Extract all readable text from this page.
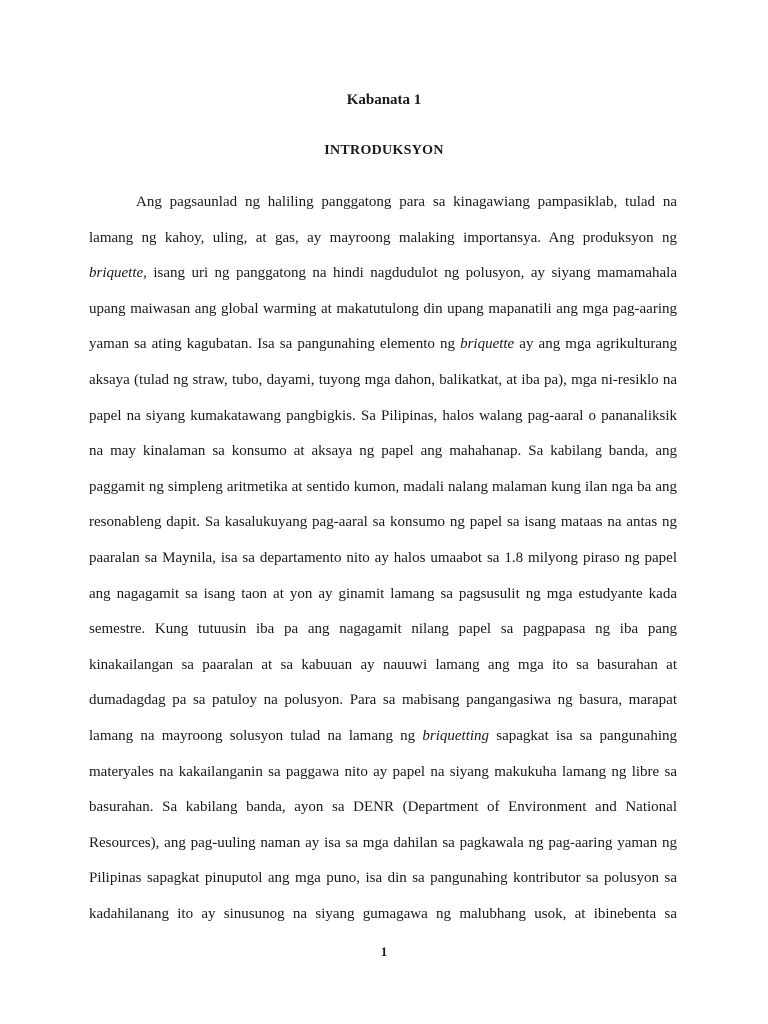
Kabanata 1
INTRODUKSYON
Ang pagsaunlad ng haliling panggatong para sa kinagawiang pampasiklab, tulad na
lamang ng kahoy, uling, at gas, ay mayroong malaking importansya. Ang produksyon ng
briquette, isang uri ng panggatong na hindi nagdudulot ng polusyon, ay siyang mamamahala
upang maiwasan ang global warming at makatutulong din upang mapanatili ang mga pag-aaring
yaman sa ating kagubatan. Isa sa pangunahing elemento ng briquette ay ang mga agrikulturang
aksaya (tulad ng straw, tubo, dayami, tuyong mga dahon, balikatkat, at iba pa), mga ni-resiklo na
papel na siyang kumakatawang pangbigkis. Sa Pilipinas, halos walang pag-aaral o pananaliksik
na may kinalaman sa konsumo at aksaya ng papel ang mahahanap. Sa kabilang banda, ang
paggamit ng simpleng aritmetika at sentido kumon, madali nalang malaman kung ilan nga ba ang
resonableng dapit. Sa kasalukuyang pag-aaral sa konsumo ng papel sa isang mataas na antas ng
paaralan sa Maynila, isa sa departamento nito ay halos umaabot sa 1.8 milyong piraso ng papel
ang nagagamit sa isang taon at yon ay ginamit lamang sa pagsusulit ng mga estudyante kada
semestre. Kung tutuusin iba pa ang nagagamit nilang papel sa pagpapasa ng iba pang
kinakailangan sa paaralan at sa kabuuan ay nauuwi lamang ang mga ito sa basurahan at
dumadagdag pa sa patuloy na polusyon. Para sa mabisang pangangasiwa ng basura, marapat
lamang na mayroong solusyon tulad na lamang ng briquetting sapagkat isa sa pangunahing
materyales na kakailanganin sa paggawa nito ay papel na siyang makukuha lamang ng libre sa
basurahan. Sa kabilang banda, ayon sa DENR (Department of Environment and National
Resources), ang pag-uuling naman ay isa sa mga dahilan sa pagkawala ng pag-aaring yaman ng
Pilipinas sapagkat pinuputol ang mga puno, isa din sa pangunahing kontributor sa polusyon sa
kadahilanang ito ay sinusunog na siyang gumagawa ng malubhang usok, at ibinebenta sa
1
